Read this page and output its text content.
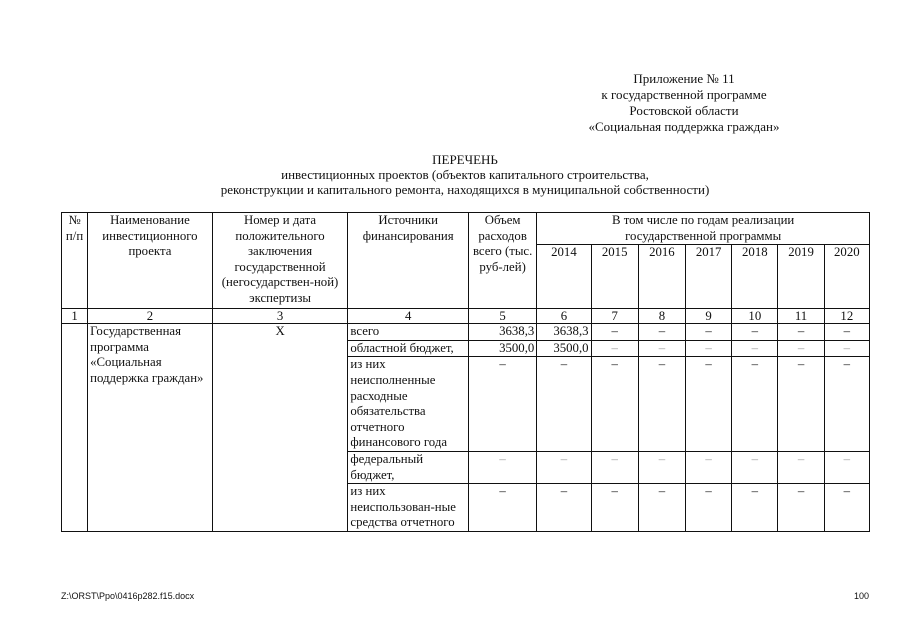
Приложение № 11
к государственной программе
Ростовской области
«Социальная поддержка граждан»
ПЕРЕЧЕНЬ
инвестиционных проектов (объектов капитального строительства,
реконструкции и капитального ремонта, находящихся в муниципальной собственности)
№ п/п	Наименование инвестиционного проекта	Номер и дата положительного заключения государственной (негосударствен-ной) экспертизы	Источники финансирования	Объем расходов всего (тыс. руб-лей)	В том числе по годам реализации государственной программы						
					2014	2015	2016	2017	2018	2019	2020
1	2	3	4	5	6	7	8	9	10	11	12
	Государственная программа «Социальная поддержка граждан»	Х	всего	3638,3	3638,3	–	–	–	–	–	–
			областной бюджет,	3500,0	3500,0	–	–	–	–	–	–
			из них неисполненные расходные обязательства отчетного финансового года	–	–	–	–	–	–	–	–
			федеральный бюджет,	–	–	–	–	–	–	–	–
			из них неиспользован-ные средства отчетного	–	–	–	–	–	–	–	–
Z:\ORST\Ppo\0416p282.f15.docx	100
